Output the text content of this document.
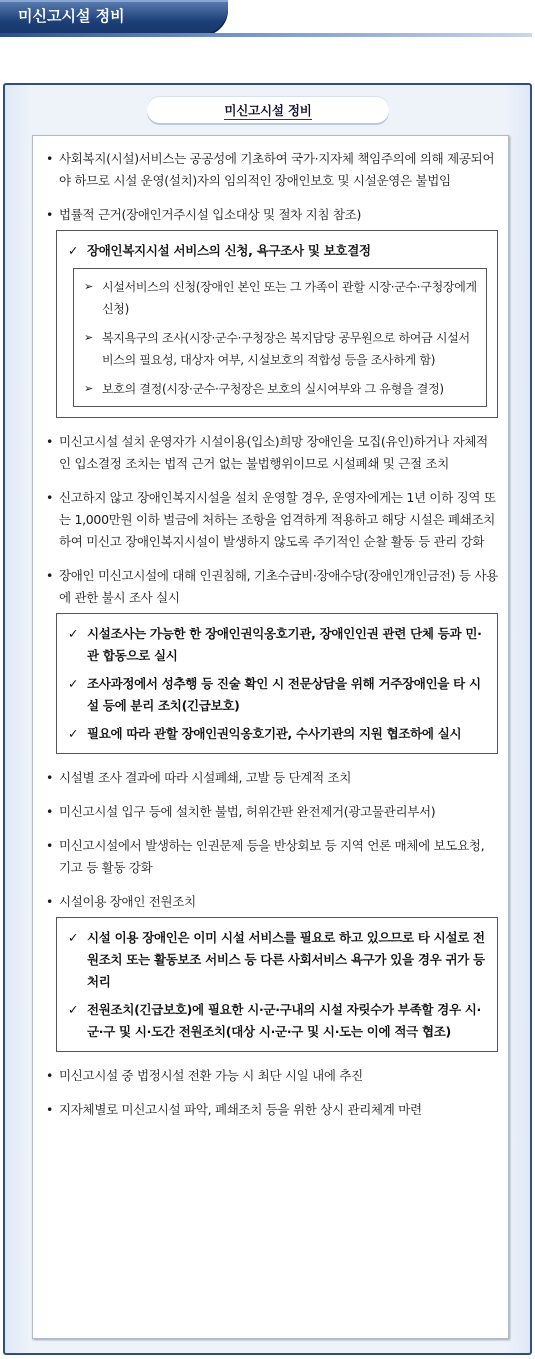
미신고시설 정비
미신고시설 정비
• 사회복지(시설)서비스는 공공성에 기초하여 국가·지자체 책임주의에 의해 제공되어야 하므로 시설 운영(설치)자의 임의적인 장애인보호 및 시설운영은 불법임
• 법률적 근거(장애인거주시설 입소대상 및 절차 지침 참조)
✓ 장애인복지시설 서비스의 신청, 욕구조사 및 보호결정
➢ 시설서비스의 신청(장애인 본인 또는 그 가족이 관할 시장·군수·구청장에게 신청)
➢ 복지욕구의 조사(시장·군수·구청장은 복지담당 공무원으로 하여금 시설서비스의 필요성, 대상자 여부, 시설보호의 적합성 등을 조사하게 함)
➢ 보호의 결정(시장·군수·구청장은 보호의 실시여부와 그 유형을 결정)
• 미신고시설 설치 운영자가 시설이용(입소)희망 장애인을 모집(유인)하거나 자체적인 입소결정 조치는 법적 근거 없는 불법행위이므로 시설폐쇄 및 근절 조치
• 신고하지 않고 장애인복지시설을 설치 운영할 경우, 운영자에게는 1년 이하 징역 또는 1,000만원 이하 벌금에 처하는 조항을 엄격하게 적용하고 해당 시설은 폐쇄조치하여 미신고 장애인복지시설이 발생하지 않도록 주기적인 순찰 활동 등 관리 강화
• 장애인 미신고시설에 대해 인권침해, 기초수급비·장애수당(장애인개인금전) 등 사용에 관한 불시 조사 실시
✓ 시설조사는 가능한 한 장애인권익옹호기관, 장애인인권 관련 단체 등과 민·관 합동으로 실시
✓ 조사과정에서 성추행 등 진술 확인 시 전문상담을 위해 거주장애인을 타 시설 등에 분리 조치(긴급보호)
✓ 필요에 따라 관할 장애인권익옹호기관, 수사기관의 지원 협조하에 실시
• 시설별 조사 결과에 따라 시설폐쇄, 고발 등 단계적 조치
• 미신고시설 입구 등에 설치한 불법, 허위간판 완전제거(광고물관리부서)
• 미신고시설에서 발생하는 인권문제 등을 반상회보 등 지역 언론 매체에 보도요청, 기고 등 활동 강화
• 시설이용 장애인 전원조치
✓ 시설 이용 장애인은 이미 시설 서비스를 필요로 하고 있으므로 타 시설로 전원조치 또는 활동보조 서비스 등 다른 사회서비스 욕구가 있을 경우 귀가 등 처리
✓ 전원조치(긴급보호)에 필요한 시·군·구내의 시설 자릿수가 부족할 경우 시·군·구 및 시·도간 전원조치(대상 시·군·구 및 시·도는 이에 적극 협조)
• 미신고시설 중 법정시설 전환 가능 시 최단 시일 내에 추진
• 지자체별로 미신고시설 파악, 폐쇄조치 등을 위한 상시 관리체계 마련
